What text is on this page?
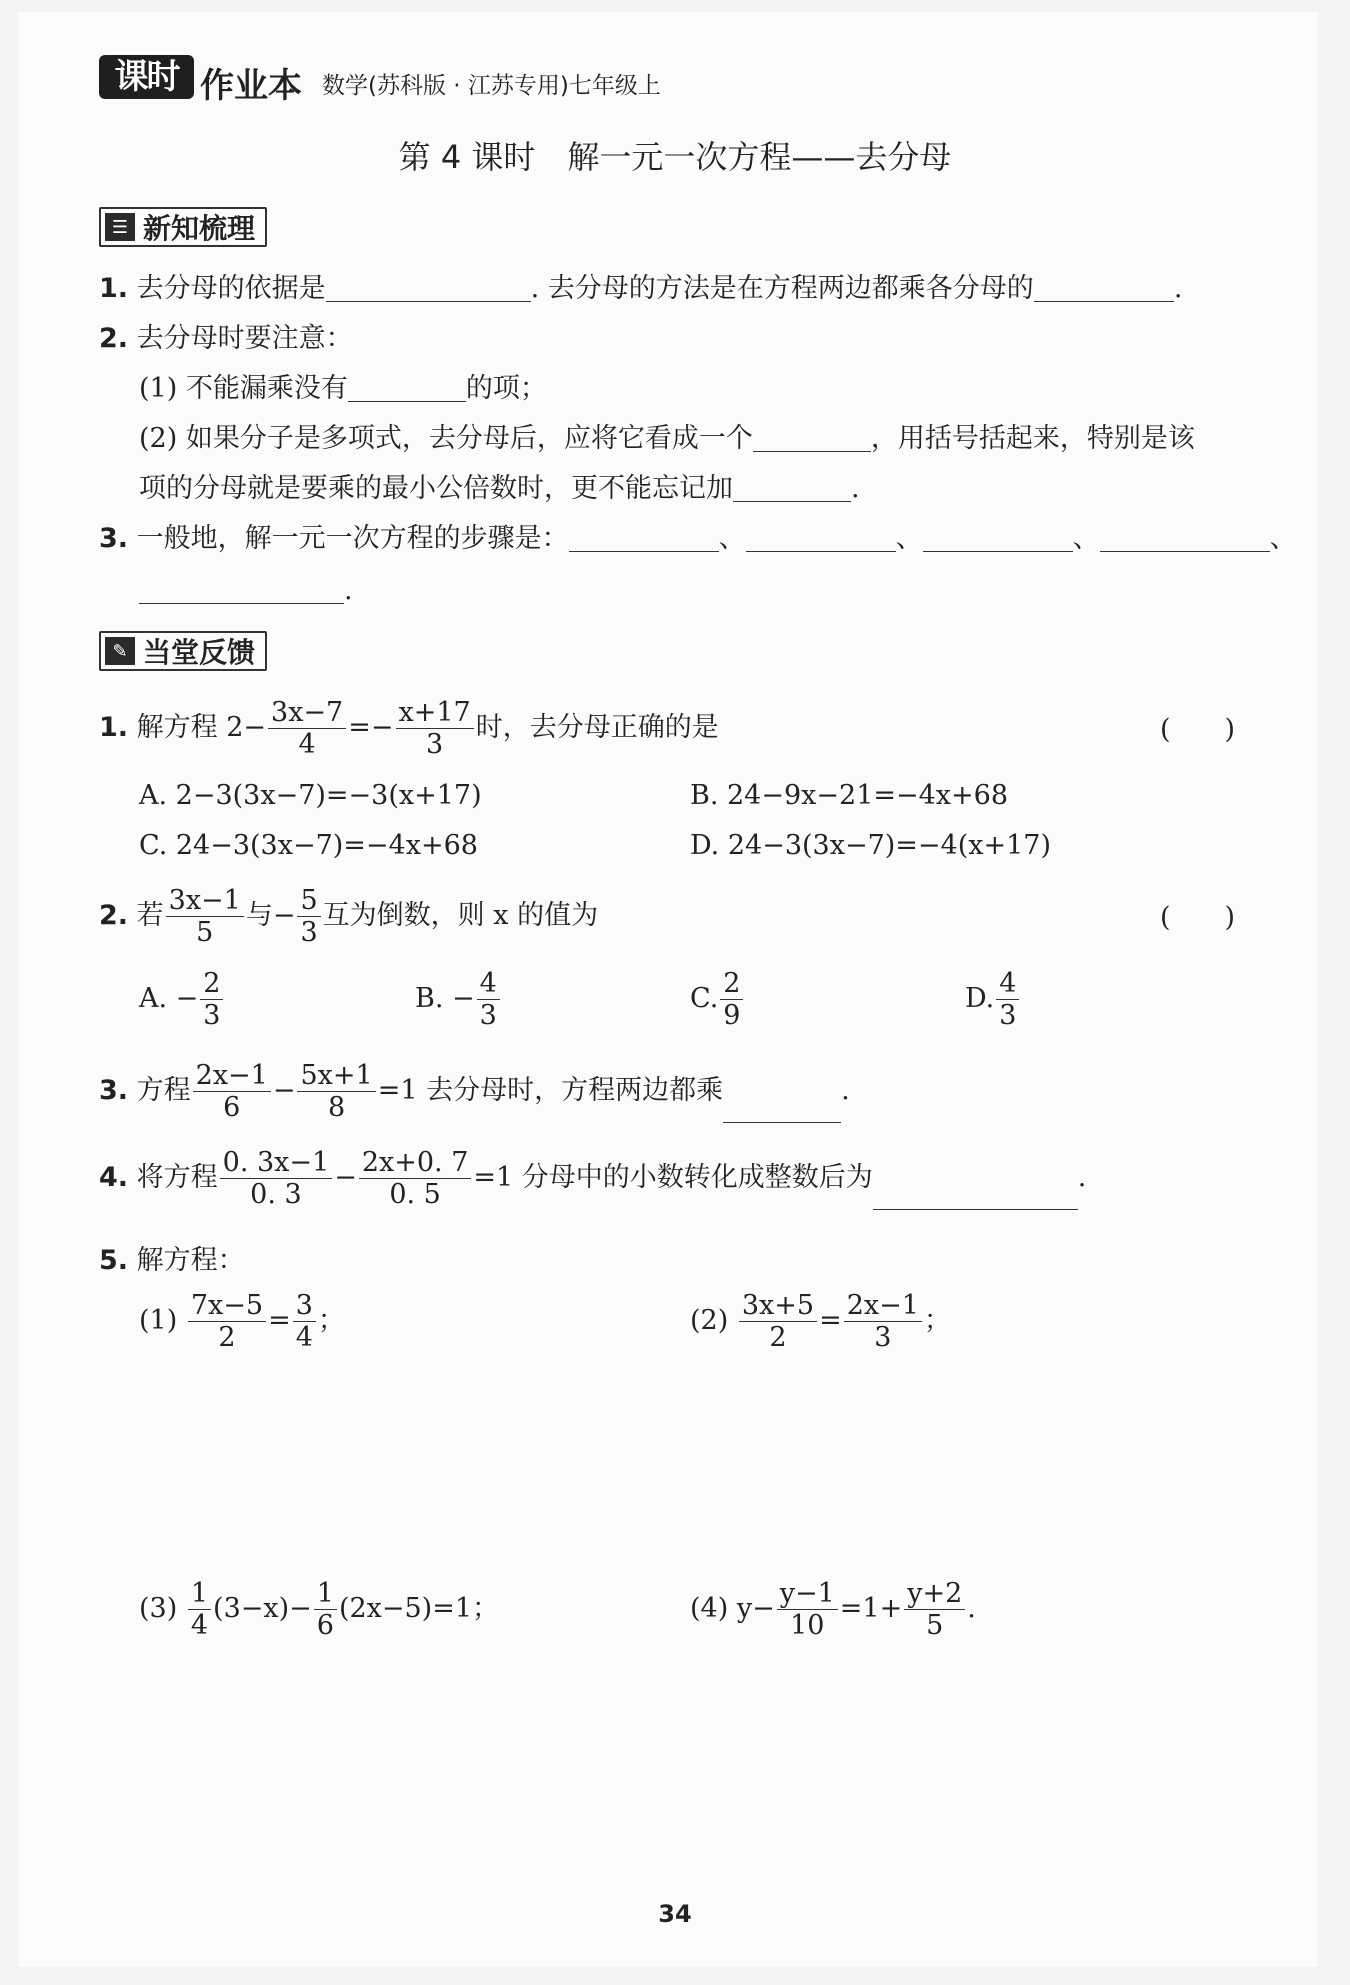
课时 作业本 数学(苏科版 · 江苏专用)七年级上
第 4 课时　解一元一次方程——去分母
☰ 新知梳理
1. 去分母的依据是	. 去分母的方法是在方程两边都乘各分母的	.
2. 去分母时要注意：
(1) 不能漏乘没有	的项；
(2) 如果分子是多项式，去分母后，应将它看成一个	，用括号括起来，特别是该
项的分母就是要乘的最小公倍数时，更不能忘记加	.
3. 一般地，解一元一次方程的步骤是：	、	、	、	、
.
✎ 当堂反馈
1. 解方程 $2- \frac{3x-7}{4} =- \frac{x+17}{3}$ 时，去分母正确的是	(　　)
A. 2−3(3x−7)=−3(x+17)	B. 24−9x−21=−4x+68
C. 24−3(3x−7)=−4x+68	D. 24−3(3x−7)=−4(x+17)
2. 若 $\frac{3x-1}{5}$ 与− $\frac{5}{3}$ 互为倒数，则 x 的值为	(　　)
A. − $\frac{2}{3}$	B. − $\frac{4}{3}$	C. $\frac{2}{9}$	D. $\frac{4}{3}$
3. 方程 $\frac{2x-1}{6} - \frac{5x+1}{8} =1$ 去分母时，方程两边都乘	.
4. 将方程 $\frac{0. 3x-1}{0. 3} - \frac{2x+0. 7}{0. 5} =1$ 分母中的小数转化成整数后为	.
5. 解方程：
$(1) \frac{7x-5}{2} = \frac{3}{4}$ ；	$(2) \frac{3x+5}{2} = \frac{2x-1}{3}$ ；
$(3) \frac{1}{4} (3-x)- \frac{1}{6} (2x-5)=1$；	(4) $y- \frac{y-1}{10} =1+ \frac{y+2}{5}$ .
34
